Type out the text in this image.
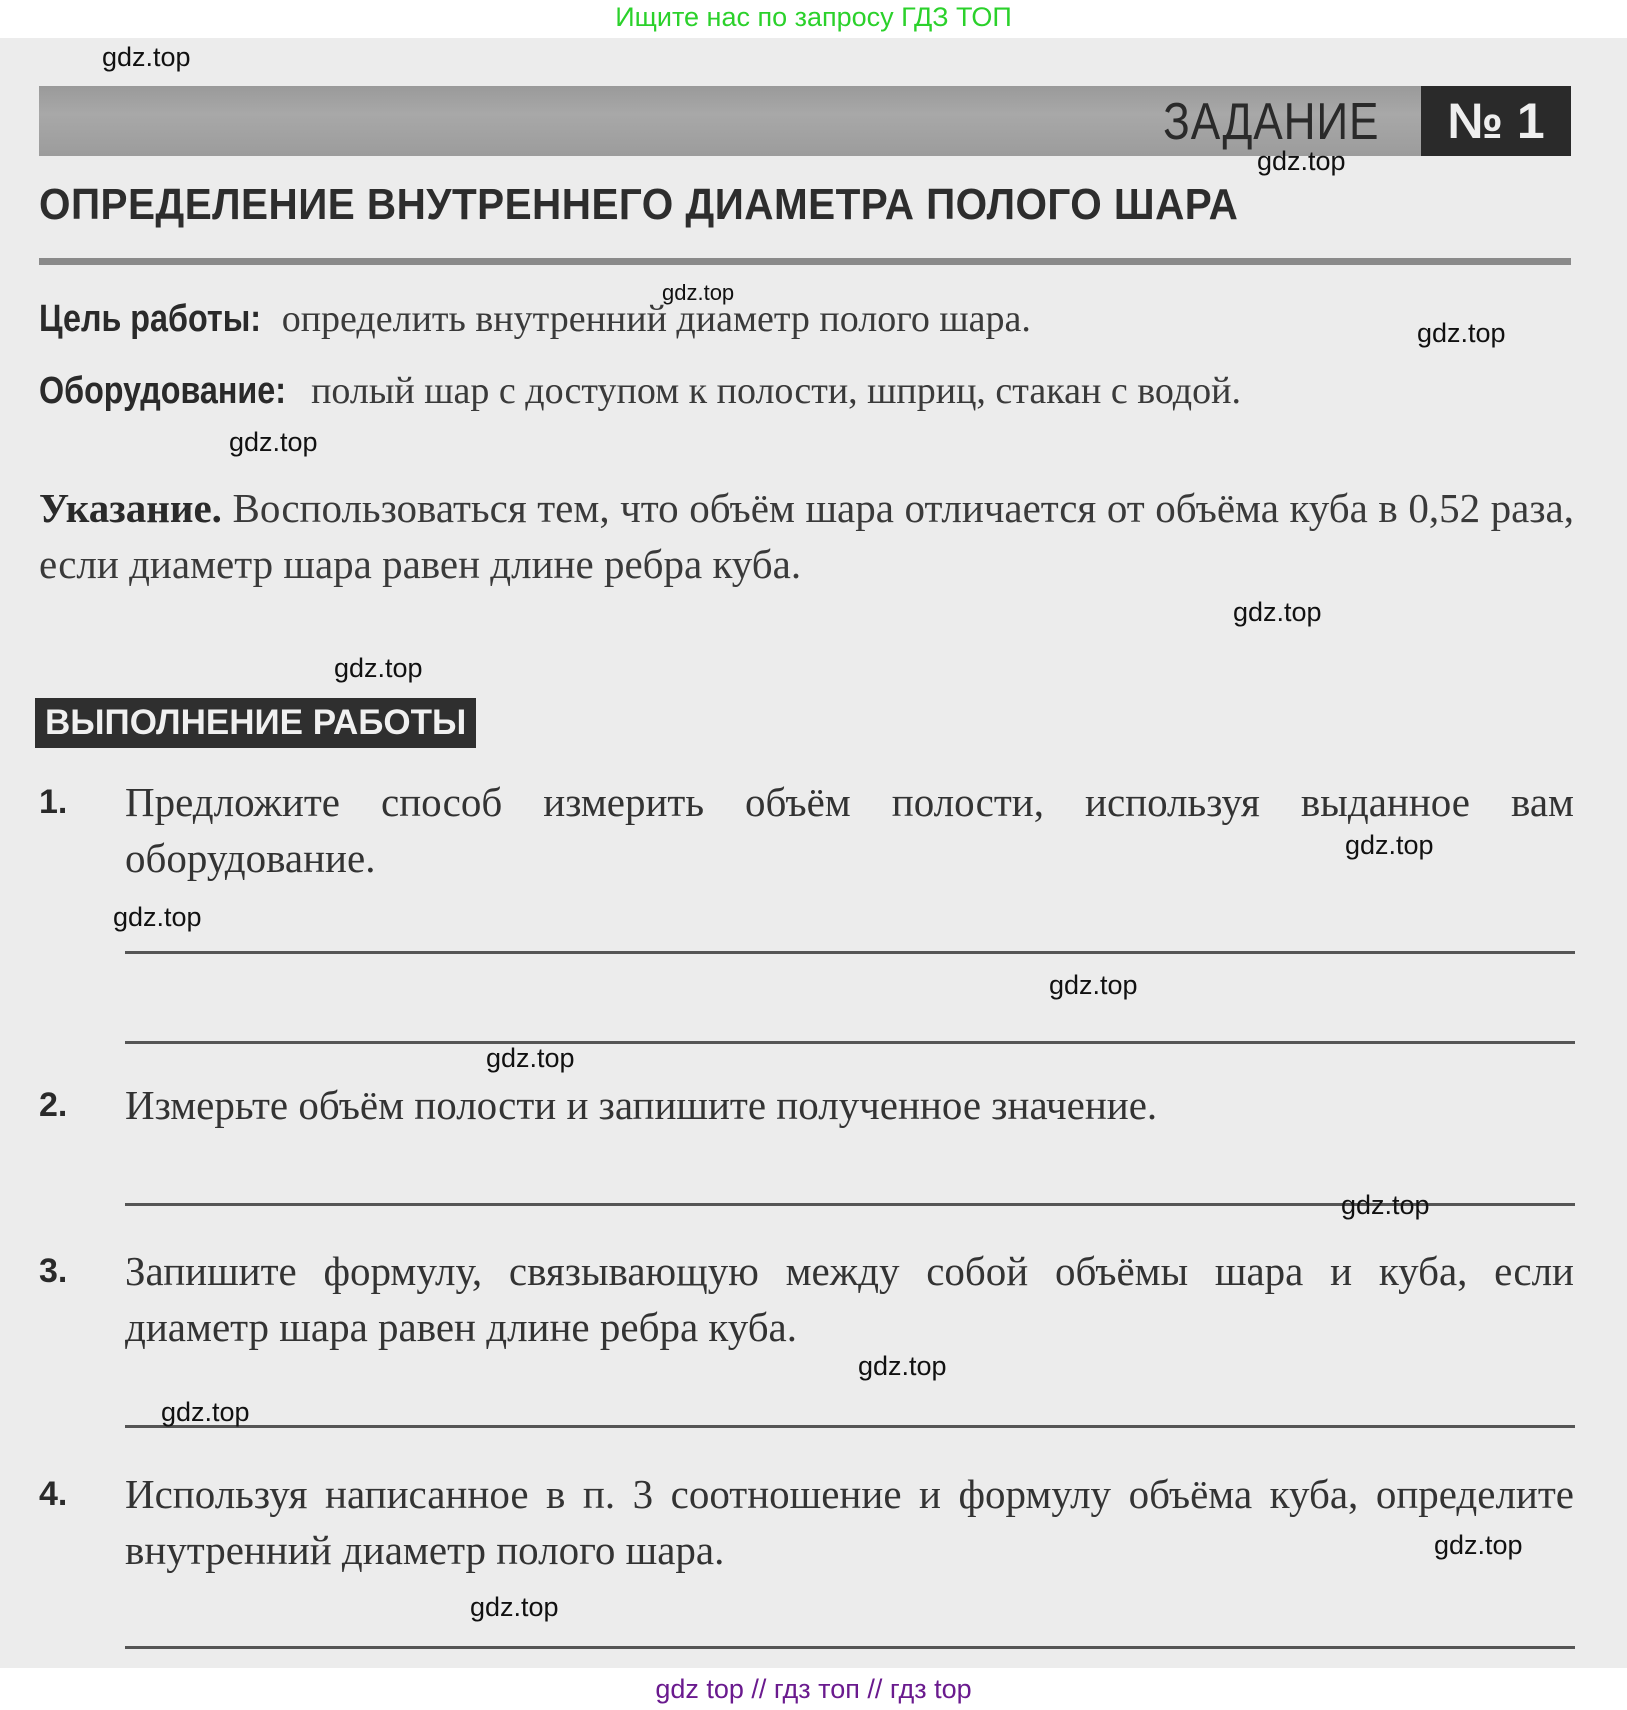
Ищите нас по запросу ГДЗ ТОП
ЗАДАНИЕ	№ 1
ОПРЕДЕЛЕНИЕ ВНУТРЕННЕГО ДИАМЕТРА ПОЛОГО ШАРА
Цель работы: определить внутренний диаметр полого шара.
Оборудование: полый шар с доступом к полости, шприц, стакан с водой.
Указание. Воспользоваться тем, что объём шара отличается от объёма куба в 0,52 раза, если диаметр шара равен длине ребра куба.
ВЫПОЛНЕНИЕ РАБОТЫ
1. Предложите способ измерить объём полости, используя выданное вам оборудование.
2. Измерьте объём полости и запишите полученное значение.
3. Запишите формулу, связывающую между собой объёмы шара и куба, если диаметр шара равен длине ребра куба.
4. Используя написанное в п. 3 соотношение и формулу объёма куба, определите внутренний диаметр полого шара.
gdz.top
gdz.top
gdz.top
gdz.top
gdz.top
gdz.top
gdz.top
gdz.top
gdz.top
gdz.top
gdz.top
gdz.top
gdz.top
gdz.top
gdz.top
gdz.top
gdz top // гдз топ // гдз top
